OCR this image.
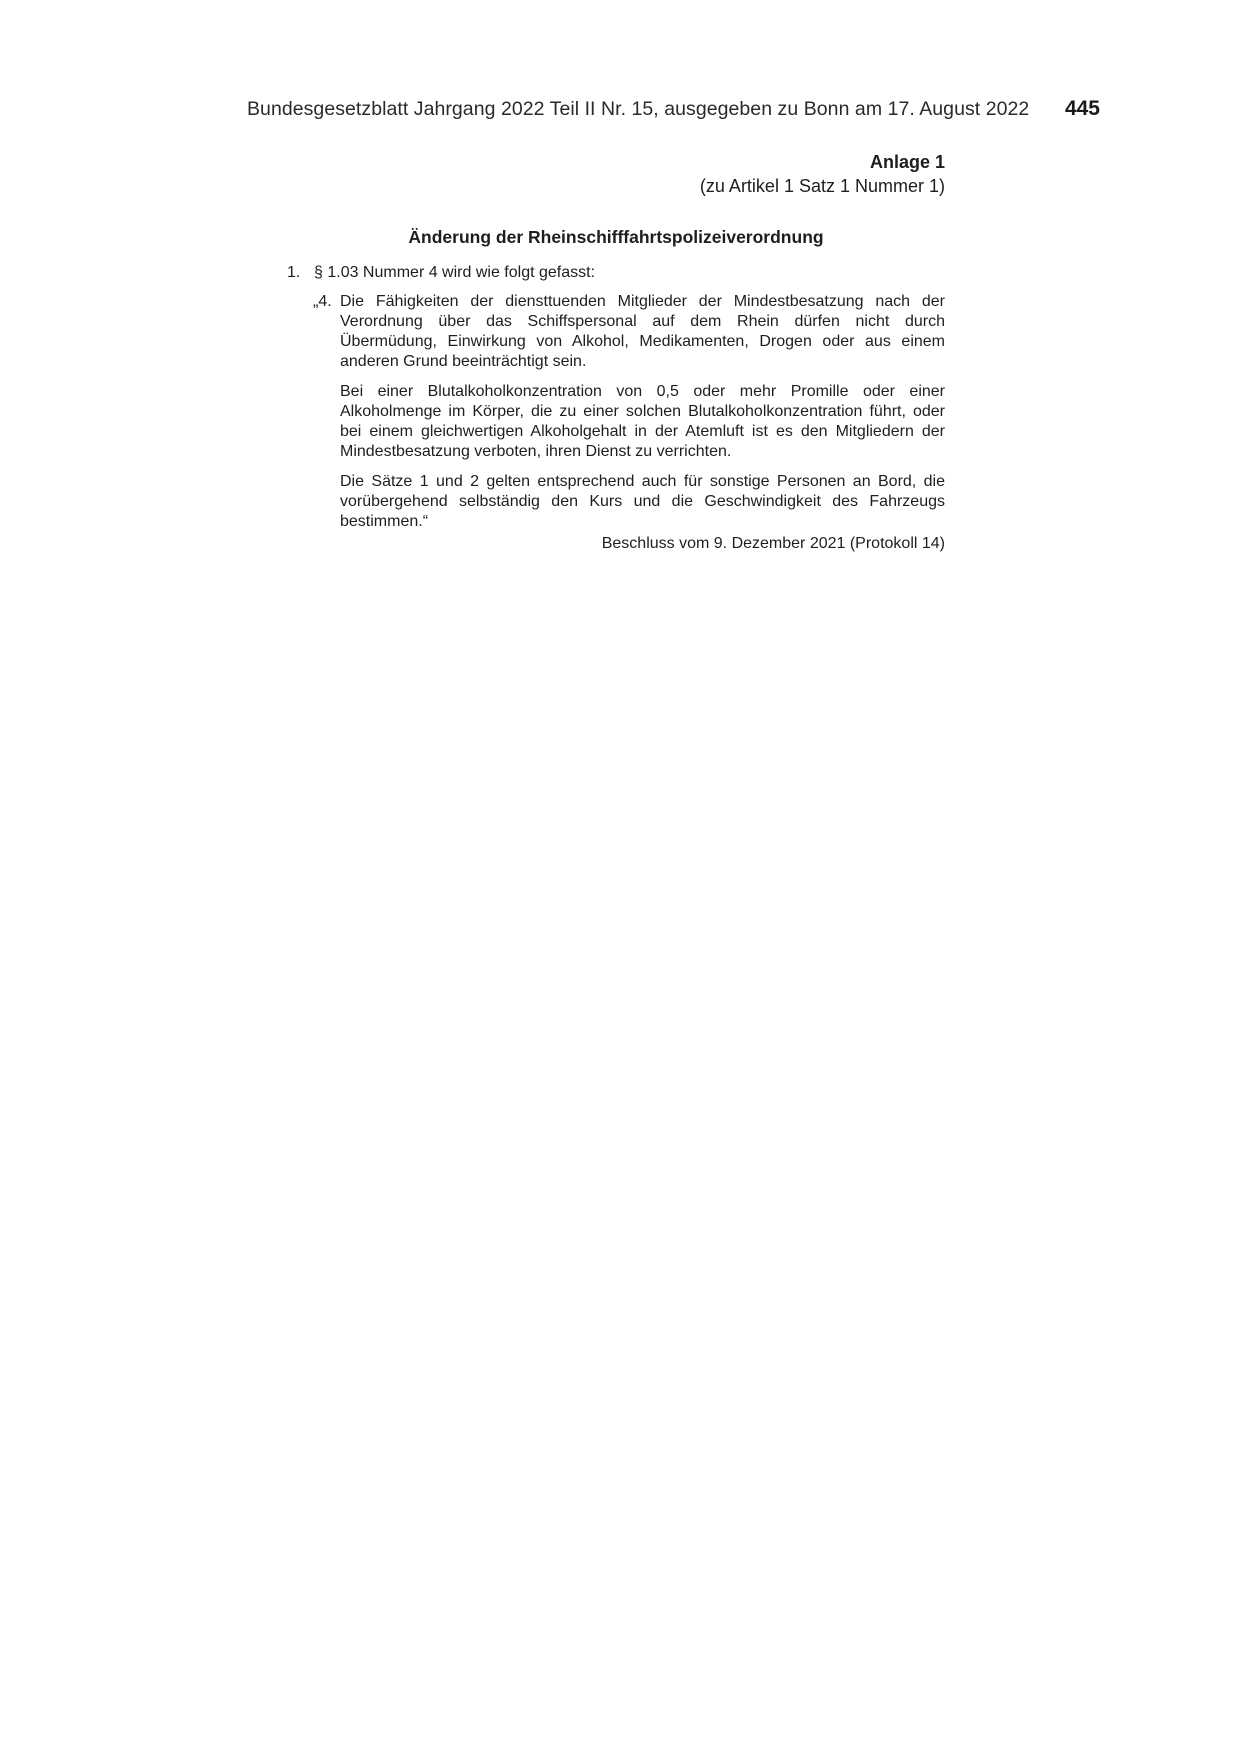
Bundesgesetzblatt Jahrgang 2022 Teil II Nr. 15, ausgegeben zu Bonn am 17. August 2022 445
Anlage 1
(zu Artikel 1 Satz 1 Nummer 1)
Änderung der Rheinschifffahrtspolizeiverordnung
1. § 1.03 Nummer 4 wird wie folgt gefasst:
„4. Die Fähigkeiten der diensttuenden Mitglieder der Mindestbesatzung nach der Verordnung über das Schiffspersonal auf dem Rhein dürfen nicht durch Übermüdung, Einwirkung von Alkohol, Medikamenten, Drogen oder aus einem anderen Grund beeinträchtigt sein.

Bei einer Blutalkoholkonzentration von 0,5 oder mehr Promille oder einer Alkoholmenge im Körper, die zu einer solchen Blutalkoholkonzentration führt, oder bei einem gleichwertigen Alkoholgehalt in der Atemluft ist es den Mitgliedern der Mindestbesatzung verboten, ihren Dienst zu verrichten.

Die Sätze 1 und 2 gelten entsprechend auch für sonstige Personen an Bord, die vorübergehend selbständig den Kurs und die Geschwindigkeit des Fahrzeugs bestimmen.“

Beschluss vom 9. Dezember 2021 (Protokoll 14)
